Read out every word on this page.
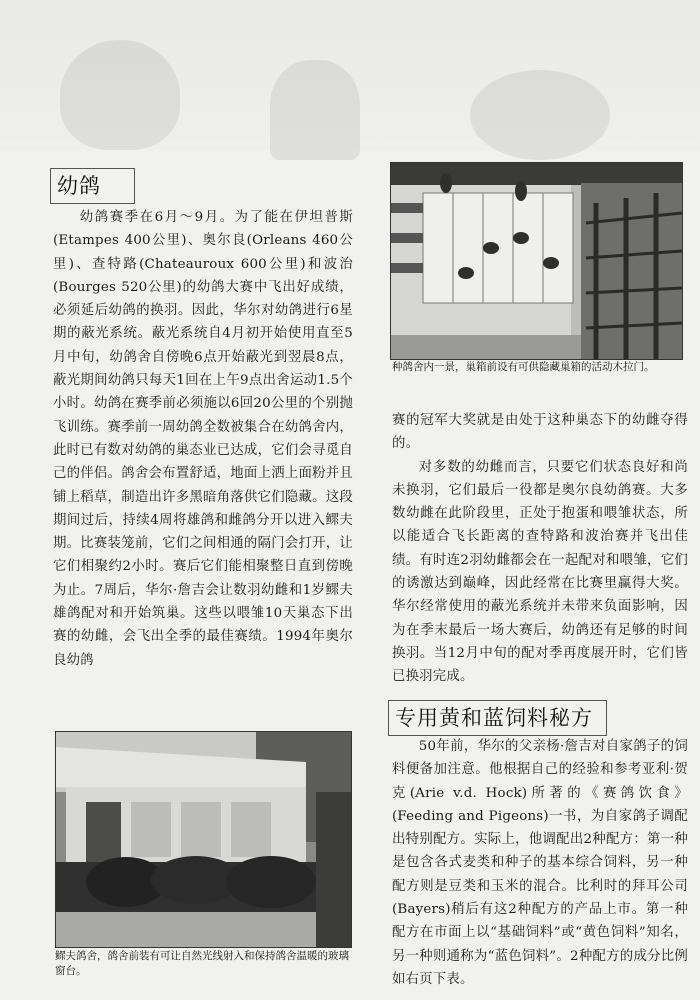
幼鸽

幼鸽赛季在6月～9月。为了能在伊坦普斯(Etampes 400公里)、奥尔良(Orleans 460公里)、查特路(Chateauroux 600公里)和波治(Bourges 520公里)的幼鸽大赛中飞出好成绩，必须延后幼鸽的换羽。因此，华尔对幼鸽进行6星期的蔽光系统。蔽光系统自4月初开始使用直至5月中旬，幼鸽舍自傍晚6点开始蔽光到翌晨8点，蔽光期间幼鸽只每天1回在上午9点出舍运动1.5个小时。幼鸽在赛季前必须施以6回20公里的个别抛飞训练。赛季前一周幼鸽全数被集合在幼鸽舍内，此时已有数对幼鸽的巢态业已达成，它们会寻觅自己的伴侣。鸽舍会布置舒适，地面上洒上面粉并且铺上稻草，制造出许多黑暗角落供它们隐藏。这段期间过后，持续4周将雄鸽和雌鸽分开以进入鳏夫期。比赛装笼前，它们之间相通的隔门会打开，让它们相聚约2小时。赛后它们能相聚整日直到傍晚为止。7周后，华尔·詹吉会让数羽幼雌和1岁鳏夫雄鸽配对和开始筑巢。这些以喂雏10天巢态下出赛的幼雌，会飞出全季的最佳赛绩。1994年奥尔良幼鸽

鳏夫鸽舍，鸽舍前装有可让自然光线射入和保持鸽舍温暖的玻璃窗台。
种鸽舍内一景，巢箱前设有可供隐藏巢箱的活动木拉门。

赛的冠军大奖就是由处于这种巢态下的幼雌夺得的。

对多数的幼雌而言，只要它们状态良好和尚未换羽，它们最后一役都是奥尔良幼鸽赛。大多数幼雌在此阶段里，正处于抱蛋和喂雏状态，所以能适合飞长距离的查特路和波治赛并飞出佳绩。有时连2羽幼雌都会在一起配对和喂雏，它们的诱激达到巅峰，因此经常在比赛里赢得大奖。华尔经常使用的蔽光系统并未带来负面影响，因为在季末最后一场大赛后，幼鸽还有足够的时间换羽。当12月中旬的配对季再度展开时，它们皆已换羽完成。

专用黄和蓝饲料秘方

50年前，华尔的父亲杨·詹吉对自家鸽子的饲料便备加注意。他根据自己的经验和参考亚利·贺克(Arie v.d. Hock)所著的《赛鸽饮食》(Feeding and Pigeons)一书，为自家鸽子调配出特别配方。实际上，他调配出2种配方：第一种是包含各式麦类和种子的基本综合饲料，另一种配方则是豆类和玉米的混合。比利时的拜耳公司(Bayers)稍后有这2种配方的产品上市。第一种配方在市面上以“基础饲料”或“黄色饲料”知名，另一种则通称为“蓝色饲料”。2种配方的成分比例如右页下表。
